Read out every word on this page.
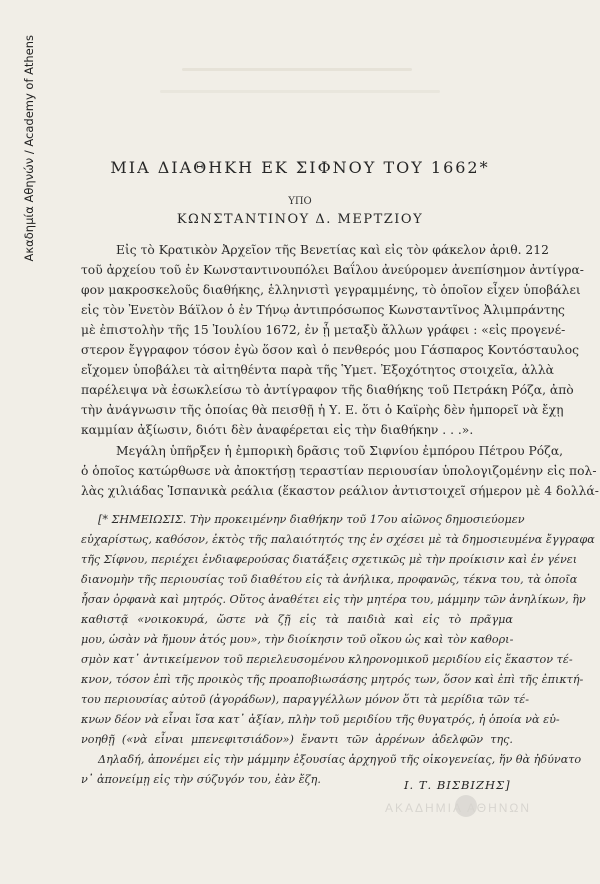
Ακαδημία Αθηνών / Academy of Athens	ΜΙΑ ΔΙΑΘΗΚΗ ΕΚ ΣΙΦΝΟΥ ΤΟΥ 1662*
ΥΠΟ
ΚΩΝΣΤΑΝΤΙΝΟΥ Δ. ΜΕΡΤΖΙΟΥ
Εἰς τὸ Κρατικὸν Ἀρχεῖον τῆς Βενετίας καὶ εἰς τὸν φάκελον ἀριθ. 212
τοῦ ἀρχείου τοῦ ἐν Κωνσταντινουπόλει Βαΐλου ἀνεύρομεν ἀνεπίσημον ἀντίγρα-
φον μακροσκελοῦς διαθήκης, ἑλληνιστὶ γεγραμμένης, τὸ ὁποῖον εἶχεν ὑποβάλει
εἰς τὸν Ἐνετὸν Βάϊλον ὁ ἐν Τήνῳ ἀντιπρόσωπος Κωνσταντῖνος Ἀλιμπράντης
μὲ ἐπιστολὴν τῆς 15 Ἰουλίου 1672, ἐν ᾗ μεταξὺ ἄλλων γράφει : «εἰς προγενέ-
στερον ἔγγραφον τόσον ἐγὼ ὅσον καὶ ὁ πενθερός μου Γάσπαρος Κοντόσταυλος
εἴχομεν ὑποβάλει τὰ αἰτηθέντα παρὰ τῆς Ὑμετ. Ἐξοχότητος στοιχεῖα, ἀλλὰ
παρέλειψα νὰ ἐσωκλείσω τὸ ἀντίγραφον τῆς διαθήκης τοῦ Πετράκη Ρόζα, ἀπὸ
τὴν ἀνάγνωσιν τῆς ὁποίας θὰ πεισθῇ ἡ Υ. Ε. ὅτι ὁ Καϊρὴς δὲν ἠμπορεῖ νὰ ἔχῃ
καμμίαν ἀξίωσιν, διότι δὲν ἀναφέρεται εἰς τὴν διαθήκην . . .».
Μεγάλη ὑπῆρξεν ἡ ἐμπορικὴ δρᾶσις τοῦ Σιφνίου ἐμπόρου Πέτρου Ρόζα,
ὁ ὁποῖος κατώρθωσε νὰ ἀποκτήσῃ τεραστίαν περιουσίαν ὑπολογιζομένην εἰς πολ-
λὰς χιλιάδας Ἱσπανικὰ ρεάλια (ἕκαστον ρεάλιον ἀντιστοιχεῖ σήμερον μὲ 4 δολλά-
[* ΣΗΜΕΙΩΣΙΣ. Τὴν προκειμένην διαθήκην τοῦ 17ου αἰῶνος δημοσιεύομεν
εὐχαρίστως, καθόσον, ἐκτὸς τῆς παλαιότητός της ἐν σχέσει μὲ τὰ δημοσιευμένα ἔγγραφα
τῆς Σίφνου, περιέχει ἐνδιαφερούσας διατάξεις σχετικῶς μὲ τὴν προίκισιν καὶ ἐν γένει
διανομὴν τῆς περιουσίας τοῦ διαθέτου εἰς τὰ ἀνήλικα, προφανῶς, τέκνα του, τὰ ὁποῖα
ἦσαν ὀρφανὰ καὶ μητρός. Οὕτος ἀναθέτει εἰς τὴν μητέρα του, μάμμην τῶν ἀνηλίκων, ἣν
καθιστᾷ «νοικοκυρά, ὥστε νὰ ζῇ εἰς τὰ παιδιὰ καὶ εἰς τὸ πρᾶγμα
μου, ὡσὰν νὰ ἤμουν ἀτός μου», τὴν διοίκησιν τοῦ οἴκου ὡς καὶ τὸν καθορι-
σμὸν κατ᾽ ἀντικείμενον τοῦ περιελευσομένου κληρονομικοῦ μεριδίου εἰς ἕκαστον τέ-
κνον, τόσον ἐπὶ τῆς προικὸς τῆς προαποβιωσάσης μητρός των, ὅσον καὶ ἐπὶ τῆς ἐπικτή-
του περιουσίας αὐτοῦ (ἀγοράδων), παραγγέλλων μόνον ὅτι τὰ μερίδια τῶν τέ-
κνων δέον νὰ εἶναι ἴσα κατ᾽ ἀξίαν, πλὴν τοῦ μεριδίου τῆς θυγατρός, ἡ ὁποία νὰ εὐ-
νοηθῇ («νὰ εἶναι μπενεφιτσιάδον») ἔναντι τῶν ἀρρένων ἀδελφῶν της.
Δηλαδή, ἀπονέμει εἰς τὴν μάμμην ἐξουσίας ἀρχηγοῦ τῆς οἰκογενείας, ἥν θὰ ἠδύνατο
ν᾽ ἀπονείμῃ εἰς τὴν σύζυγόν του, ἐὰν ἔζη.	Ι. Τ. ΒΙΣΒΙΖΗΣ]
ΑΚΑΔΗΜΙΑ ΑΘΗΝΩΝ
